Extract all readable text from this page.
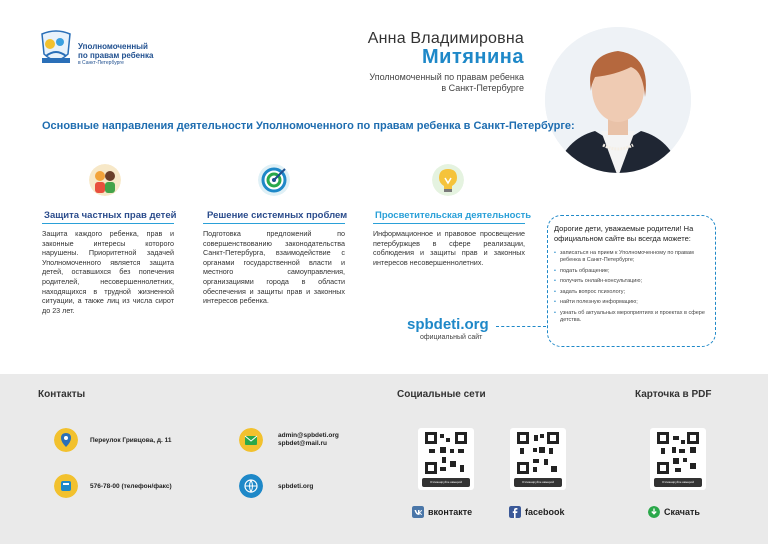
Уполномоченный
по правам ребенка
в Санкт-Петербурге
Анна Владимировна
Митянина
Уполномоченный по правам ребенка
в Санкт-Петербурге
Основные направления деятельности Уполномоченного по правам ребенка в Санкт-Петербурге:
Защита частных прав детей	Решение системных проблем	Просветительская деятельность
Защита каждого ребенка, прав и законные интересы которого нарушены. Приоритетной задачей Уполномоченного является защита детей, оставшихся без попечения родителей, несовершеннолетних, находящихся в трудной жизненной ситуации, а также лиц из числа сирот до 23 лет.
Подготовка предложений по совершенствованию законодательства Санкт-Петербурга, взаимодействие с органами государственной власти и местного самоуправления, организациями города в области обеспечения и защиты прав и законных интересов ребенка.
Информационное и правовое просвещение петербуржцев в сфере реализации, соблюдения и защиты прав и законных интересов несовершеннолетних.
spbdeti.org
официальный сайт
Дорогие дети, уважаемые родители! На официальном сайте вы всегда можете:
• записаться на прием к Уполномоченному по правам ребенка в Санкт-Петербурге;
• подать обращение;
• получить онлайн-консультацию;
• задать вопрос психологу;
• найти полезную информацию;
• узнать об актуальных мероприятиях и проектах в сфере детства.
Контакты
Переулок Гривцова, д. 11
admin@spbdeti.org
spbdet@mail.ru
576-78-00 (телефон/факс)	spbdeti.org
Социальные сети
Отсканируйте камерой	Отсканируйте камерой
вконтакте	facebook
Карточка в PDF
Отсканируйте камерой
Скачать
